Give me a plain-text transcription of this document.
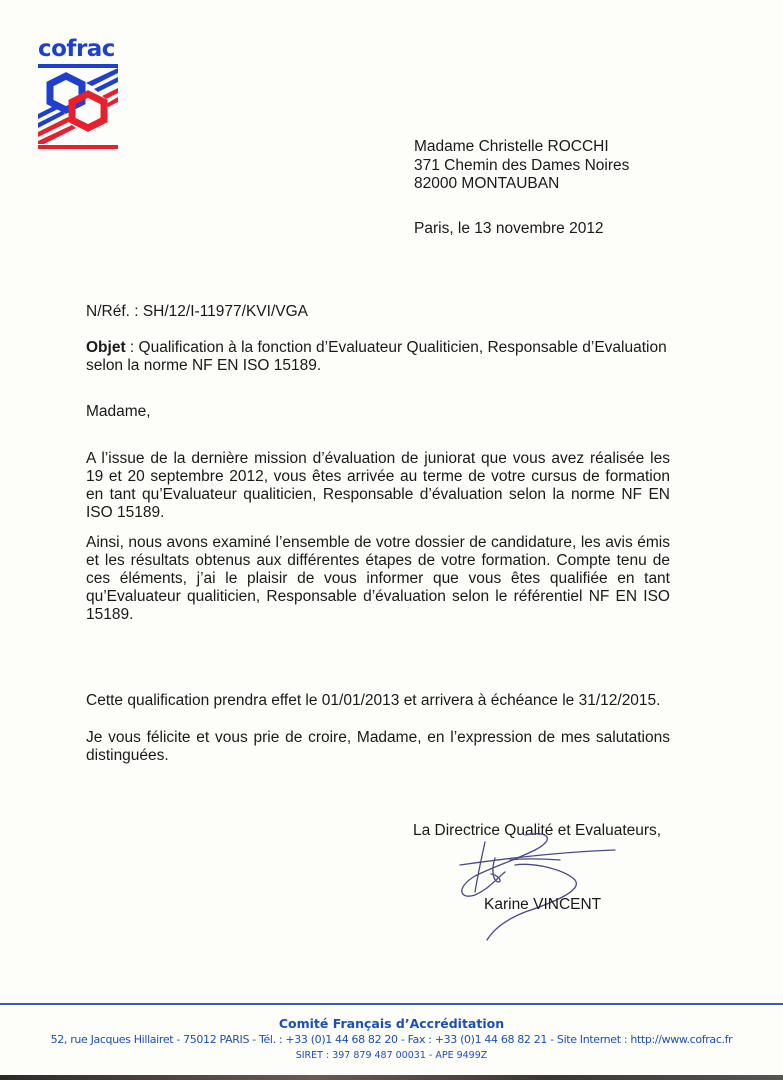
cofrac
Madame Christelle ROCCHI
371 Chemin des Dames Noires
82000 MONTAUBAN
Paris, le 13 novembre 2012
N/Réf. : SH/12/I-11977/KVI/VGA
Objet : Qualification à la fonction d’Evaluateur Qualiticien, Responsable d’Evaluation selon la norme NF EN ISO 15189.
Madame,
A l’issue de la dernière mission d’évaluation de juniorat que vous avez réalisée les 19 et 20 septembre 2012, vous êtes arrivée au terme de votre cursus de formation en tant qu’Evaluateur qualiticien, Responsable d’évaluation selon la norme NF EN ISO 15189.
Ainsi, nous avons examiné l’ensemble de votre dossier de candidature, les avis émis et les résultats obtenus aux différentes étapes de votre formation. Compte tenu de ces éléments, j’ai le plaisir de vous informer que vous êtes qualifiée en tant qu’Evaluateur qualiticien, Responsable d’évaluation selon le référentiel NF EN ISO 15189.
Cette qualification prendra effet le 01/01/2013 et arrivera à échéance le 31/12/2015.
Je vous félicite et vous prie de croire, Madame, en l’expression de mes salutations distinguées.
La Directrice Qualité et Evaluateurs,
Karine VINCENT
Comité Français d’Accréditation
52, rue Jacques Hillairet - 75012 PARIS - Tél. : +33 (0)1 44 68 82 20 - Fax : +33 (0)1 44 68 82 21 - Site Internet : http://www.cofrac.fr
SIRET : 397 879 487 00031 - APE 9499Z
